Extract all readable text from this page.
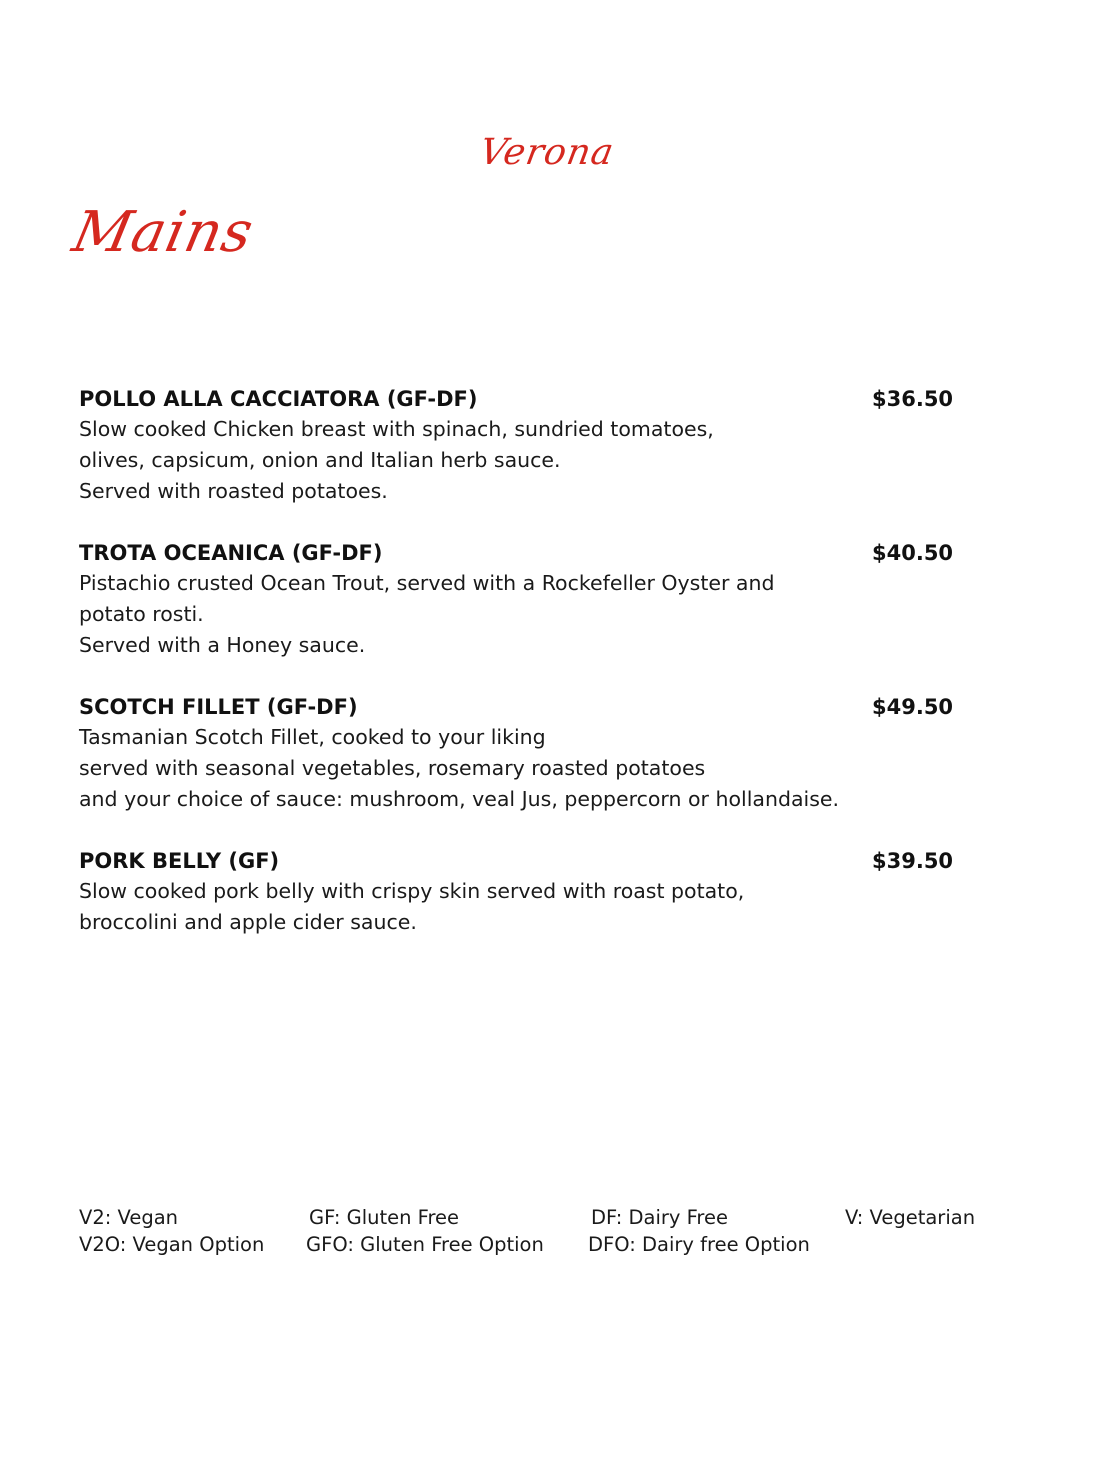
Verona
Mains
POLLO ALLA CACCIATORA (GF-DF)	$36.50
Slow cooked Chicken breast with spinach, sundried tomatoes,
olives, capsicum, onion and Italian herb sauce.
Served with roasted potatoes.
TROTA OCEANICA (GF-DF)	$40.50
Pistachio crusted Ocean Trout, served with a Rockefeller Oyster and
potato rosti.
Served with a Honey sauce.
SCOTCH FILLET (GF-DF)	$49.50
Tasmanian Scotch Fillet, cooked to your liking
served with seasonal vegetables, rosemary roasted potatoes
and your choice of sauce: mushroom, veal Jus, peppercorn or hollandaise.
PORK BELLY (GF)	$39.50
Slow cooked pork belly with crispy skin served with roast potato,
broccolini and apple cider sauce.
V2: Vegan
V2O: Vegan Option
GF: Gluten Free
GFO: Gluten Free Option
DF: Dairy Free
DFO: Dairy free Option
V: Vegetarian
